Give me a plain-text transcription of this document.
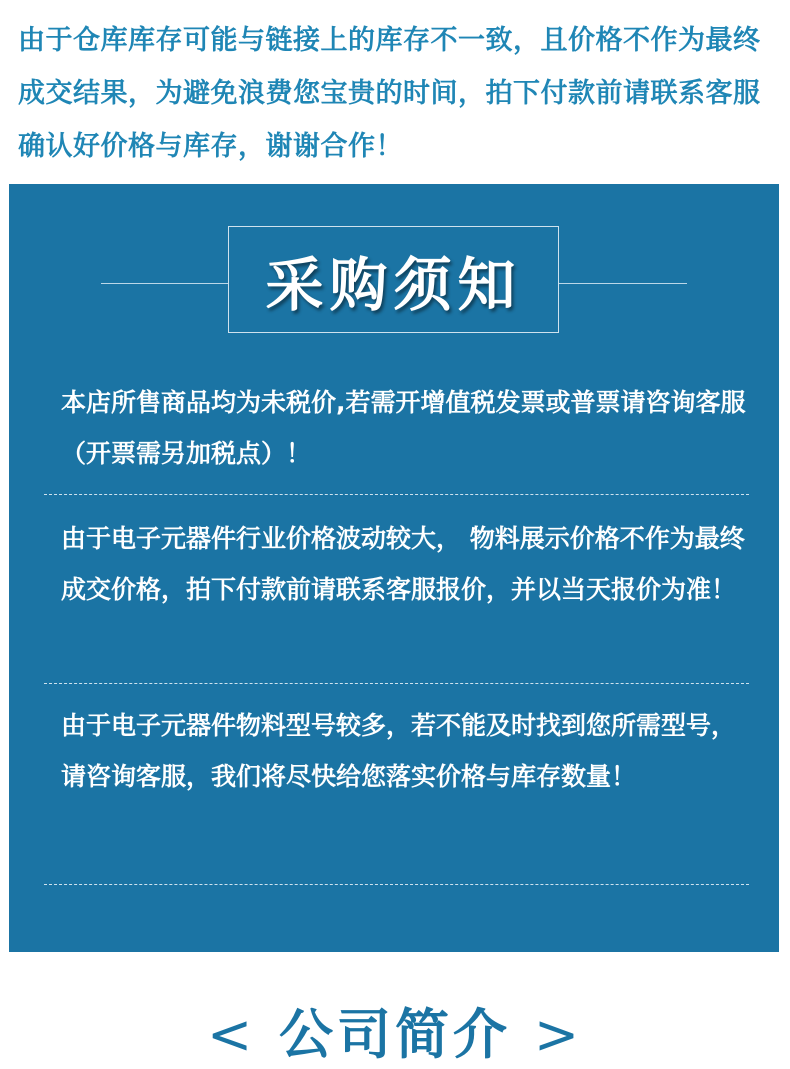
由于仓库库存可能与链接上的库存不一致，且价格不作为最终成交结果，为避免浪费您宝贵的时间，拍下付款前请联系客服确认好价格与库存，谢谢合作！
采购须知
本店所售商品均为未税价,若需开增值税发票或普票请咨询客服（开票需另加税点）！
由于电子元器件行业价格波动较大， 物料展示价格不作为最终成交价格，拍下付款前请联系客服报价，并以当天报价为准！
由于电子元器件物料型号较多，若不能及时找到您所需型号，请咨询客服，我们将尽快给您落实价格与库存数量！
< 公司简介 >
